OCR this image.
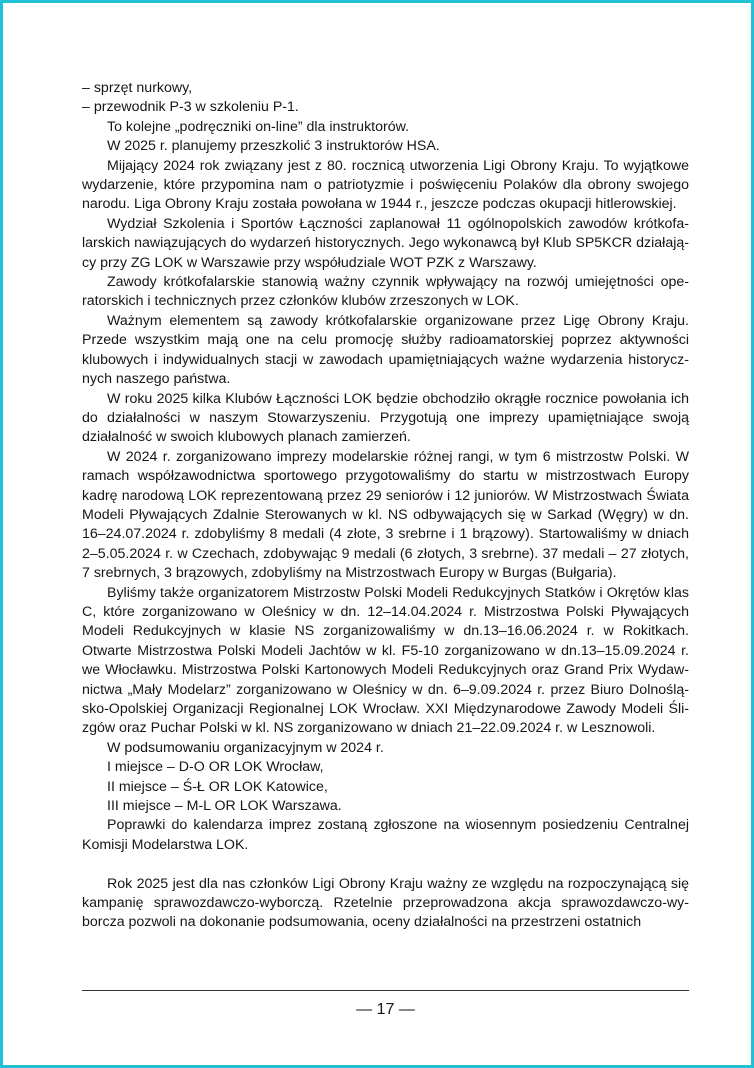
– sprzęt nurkowy,

– przewodnik P-3 w szkoleniu P-1.

To kolejne „podręczniki on-line” dla instruktorów.

W 2025 r. planujemy przeszkolić 3 instruktorów HSA.

Mijający 2024 rok związany jest z 80. rocznicą utworzenia Ligi Obrony Kraju. To wyjątkowe wydarzenie, które przypomina nam o patriotyzmie i poświęceniu Polaków dla obrony swojego narodu. Liga Obrony Kraju została powołana w 1944 r., jeszcze podczas okupacji hitlerowskiej.

Wydział Szkolenia i Sportów Łączności zaplanował 11 ogólnopolskich zawodów krótkofalarskich nawiązujących do wydarzeń historycznych. Jego wykonawcą był Klub SP5KCR działający przy ZG LOK w Warszawie przy współudziale WOT PZK z Warszawy.

Zawody krótkofalarskie stanowią ważny czynnik wpływający na rozwój umiejętności operatorskich i technicznych przez członków klubów zrzeszonych w LOK.

Ważnym elementem są zawody krótkofalarskie organizowane przez Ligę Obrony Kraju. Przede wszystkim mają one na celu promocję służby radioamatorskiej poprzez aktywności klubowych i indywidualnych stacji w zawodach upamiętniających ważne wydarzenia historycznych naszego państwa.

W roku 2025 kilka Klubów Łączności LOK będzie obchodziło okrągłe rocznice powołania ich do działalności w naszym Stowarzyszeniu. Przygotują one imprezy upamiętniające swoją działalność w swoich klubowych planach zamierzeń.

W 2024 r. zorganizowano imprezy modelarskie różnej rangi, w tym 6 mistrzostw Polski. W ramach współzawodnictwa sportowego przygotowaliśmy do startu w mistrzostwach Europy kadrę narodową LOK reprezentowaną przez 29 seniorów i 12 juniorów. W Mistrzostwach Świata Modeli Pływających Zdalnie Sterowanych w kl. NS odbywających się w Sarkad (Węgry) w dn. 16–24.07.2024 r. zdobyliśmy 8 medali (4 złote, 3 srebrne i 1 brązowy). Startowaliśmy w dniach 2–5.05.2024 r. w Czechach, zdobywając 9 medali (6 złotych, 3 srebrne). 37 medali – 27 złotych, 7 srebrnych, 3 brązowych, zdobyliśmy na Mistrzostwach Europy w Burgas (Bułgaria).

Byliśmy także organizatorem Mistrzostw Polski Modeli Redukcyjnych Statków i Okrętów klas C, które zorganizowano w Oleśnicy w dn. 12–14.04.2024 r. Mistrzostwa Polski Pływających Modeli Redukcyjnych w klasie NS zorganizowaliśmy w dn.13–16.06.2024 r. w Rokitkach. Otwarte Mistrzostwa Polski Modeli Jachtów w kl. F5-10 zorganizowano w dn.13–15.09.2024 r. we Włocławku. Mistrzostwa Polski Kartonowych Modeli Redukcyjnych oraz Grand Prix Wydawnictwa „Mały Modelarz” zorganizowano w Oleśnicy w dn. 6–9.09.2024 r. przez Biuro Dolnośląsko-Opolskiej Organizacji Regionalnej LOK Wrocław. XXI Międzynarodowe Zawody Modeli Ślizgów oraz Puchar Polski w kl. NS zorganizowano w dniach 21–22.09.2024 r. w Lesznowoli.

W podsumowaniu organizacyjnym w 2024 r.

I miejsce – D-O OR LOK Wrocław,

II miejsce – Ś-Ł OR LOK Katowice,

III miejsce – M-L OR LOK Warszawa.

Poprawki do kalendarza imprez zostaną zgłoszone na wiosennym posiedzeniu Centralnej Komisji Modelarstwa LOK.

Rok 2025 jest dla nas członków Ligi Obrony Kraju ważny ze względu na rozpoczynającą się kampanię sprawozdawczo-wyborczą. Rzetelnie przeprowadzona akcja sprawozdawczo-wyborcza pozwoli na dokonanie podsumowania, oceny działalności na przestrzeni ostatnich

— 17 —
